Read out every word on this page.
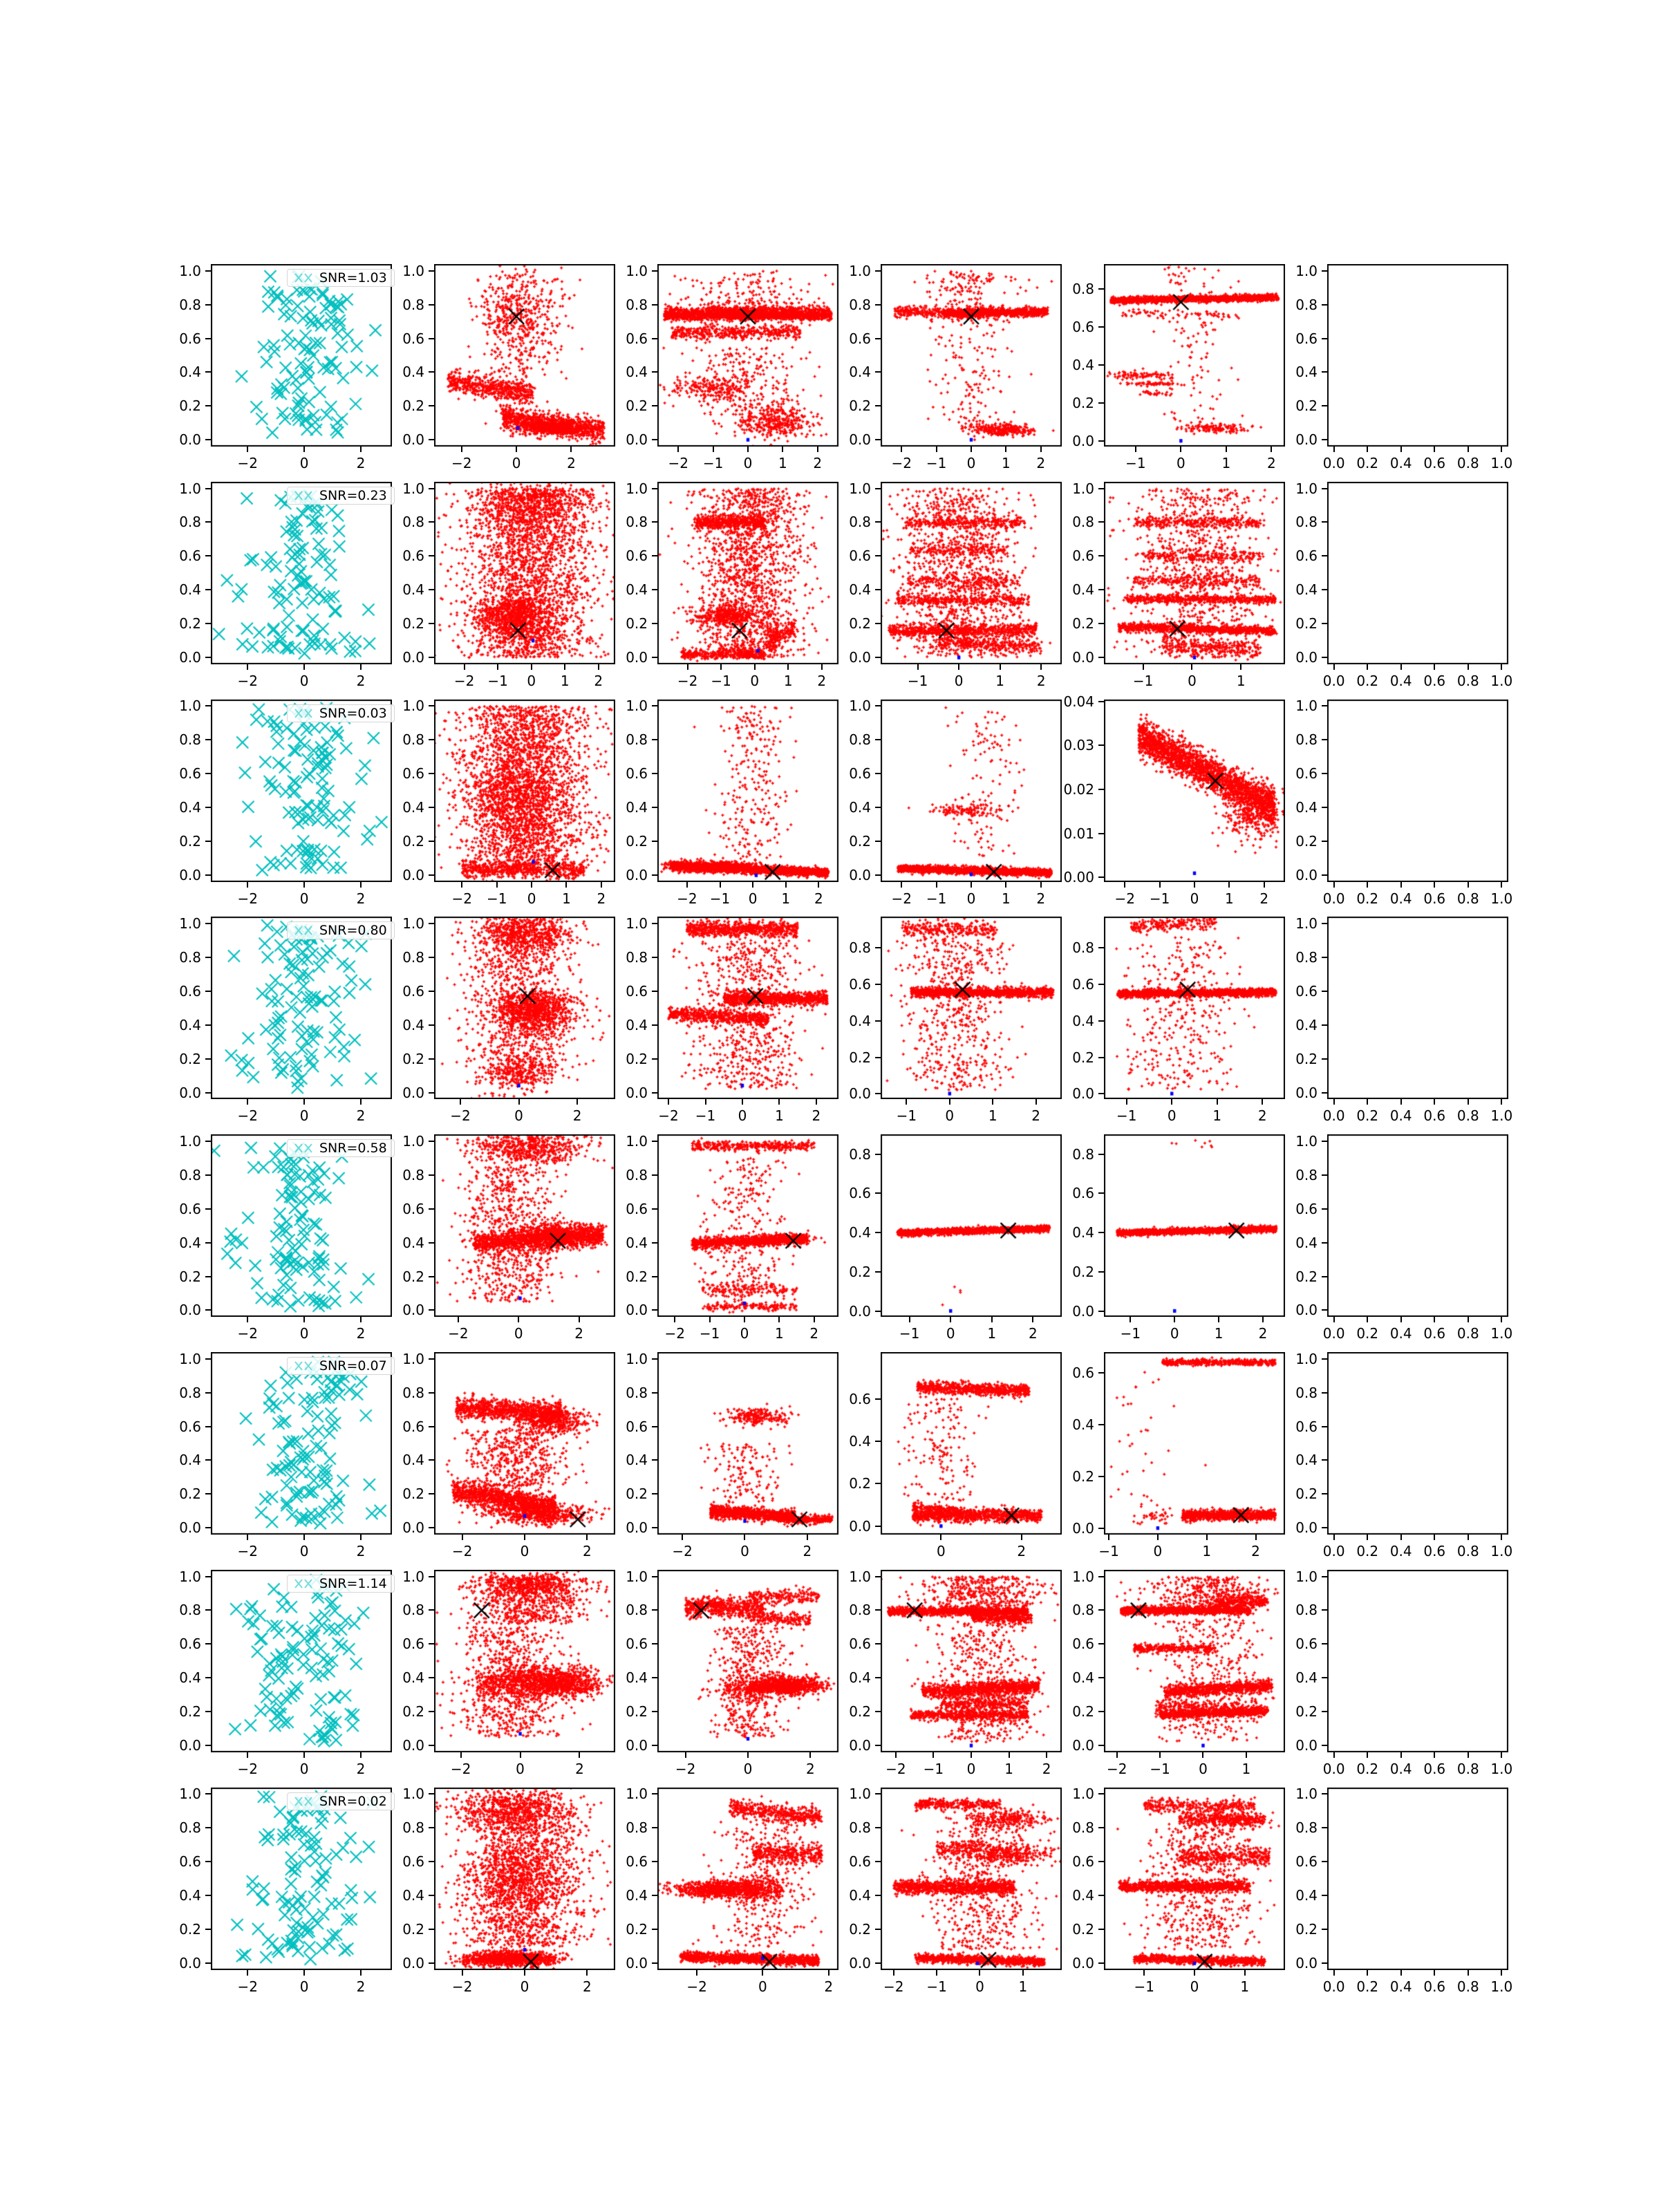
−2	0	2
0.0
0.2
0.4
0.6
0.8
1.0	SNR=1.03
−2	0	2
0.0
0.2
0.4
0.6
0.8
1.0
−2	−1	0	1	2
0.0
0.2
0.4
0.6
0.8
1.0
−2	−1	0	1	2
0.0
0.2
0.4
0.6
0.8
1.0
−1	0	1	2
0.0
0.2
0.4
0.6
0.8
0.0 0.2 0.4 0.6 0.8 1.0
0.0
0.2
0.4
0.6
0.8
1.0
−2	0	2
0.0
0.2
0.4
0.6
0.8
1.0	SNR=0.23
−2 −1	0	1	2
0.0
0.2
0.4
0.6
0.8
1.0
−2 −1	0	1	2
0.0
0.2
0.4
0.6
0.8
1.0
−1	0	1	2
0.0
0.2
0.4
0.6
0.8
1.0
−1	0	1
0.0
0.2
0.4
0.6
0.8
1.0
0.0 0.2 0.4 0.6 0.8 1.0
0.0
0.2
0.4
0.6
0.8
1.0
−2	0	2
0.0
0.2
0.4
0.6
0.8
1.0	SNR=0.03
−2	−1	0	1	2
0.0
0.2
0.4
0.6
0.8
1.0
−2 −1	0	1	2
0.0
0.2
0.4
0.6
0.8
1.0
−2	−1	0	1	2
0.0
0.2
0.4
0.6
0.8
1.0
−2	−1	0	1	2
0.00
0.01
0.02
0.03
0.04
0.0 0.2 0.4 0.6 0.8 1.0
0.0
0.2
0.4
0.6
0.8
1.0
−2	0	2
0.0
0.2
0.4
0.6
0.8
1.0	SNR=0.80
−2	0	2
0.0
0.2
0.4
0.6
0.8
1.0
−2	−1	0	1	2
0.0
0.2
0.4
0.6
0.8
1.0
−1	0	1	2
0.0
0.2
0.4
0.6
0.8
−1	0	1	2
0.0
0.2
0.4
0.6
0.8
0.0 0.2 0.4 0.6 0.8 1.0
0.0
0.2
0.4
0.6
0.8
1.0
−2	0	2
0.0
0.2
0.4
0.6
0.8
1.0	SNR=0.58
−2	0	2
0.0
0.2
0.4
0.6
0.8
1.0
−2	−1	0	1	2
0.0
0.2
0.4
0.6
0.8
1.0
−1	0	1	2
0.0
0.2
0.4
0.6
0.8
−1	0	1	2
0.0
0.2
0.4
0.6
0.8
0.0 0.2 0.4 0.6 0.8 1.0
0.0
0.2
0.4
0.6
0.8
1.0
−2	0	2
0.0
0.2
0.4
0.6
0.8
1.0	SNR=0.07
−2	0	2
0.0
0.2
0.4
0.6
0.8
1.0
−2	0	2
0.0
0.2
0.4
0.6
0.8
1.0
0	2
0.0
0.2
0.4
0.6
−1	0	1	2
0.0
0.2
0.4
0.6
0.0 0.2 0.4 0.6 0.8 1.0
0.0
0.2
0.4
0.6
0.8
1.0
−2	0	2
0.0
0.2
0.4
0.6
0.8
1.0	SNR=1.14
−2	0	2
0.0
0.2
0.4
0.6
0.8
1.0
−2	0	2
0.0
0.2
0.4
0.6
0.8
1.0
−2	−1	0	1	2
0.0
0.2
0.4
0.6
0.8
1.0
−2	−1	0	1
0.0
0.2
0.4
0.6
0.8
1.0
0.0 0.2 0.4 0.6 0.8 1.0
0.0
0.2
0.4
0.6
0.8
1.0
−2	0	2
0.0
0.2
0.4
0.6
0.8
1.0	SNR=0.02
−2	0	2
0.0
0.2
0.4
0.6
0.8
1.0
−2	0	2
0.0
0.2
0.4
0.6
0.8
1.0
−2	−1	0	1
0.0
0.2
0.4
0.6
0.8
1.0
−1	0	1
0.0
0.2
0.4
0.6
0.8
1.0
0.0 0.2 0.4 0.6 0.8 1.0
0.0
0.2
0.4
0.6
0.8
1.0
